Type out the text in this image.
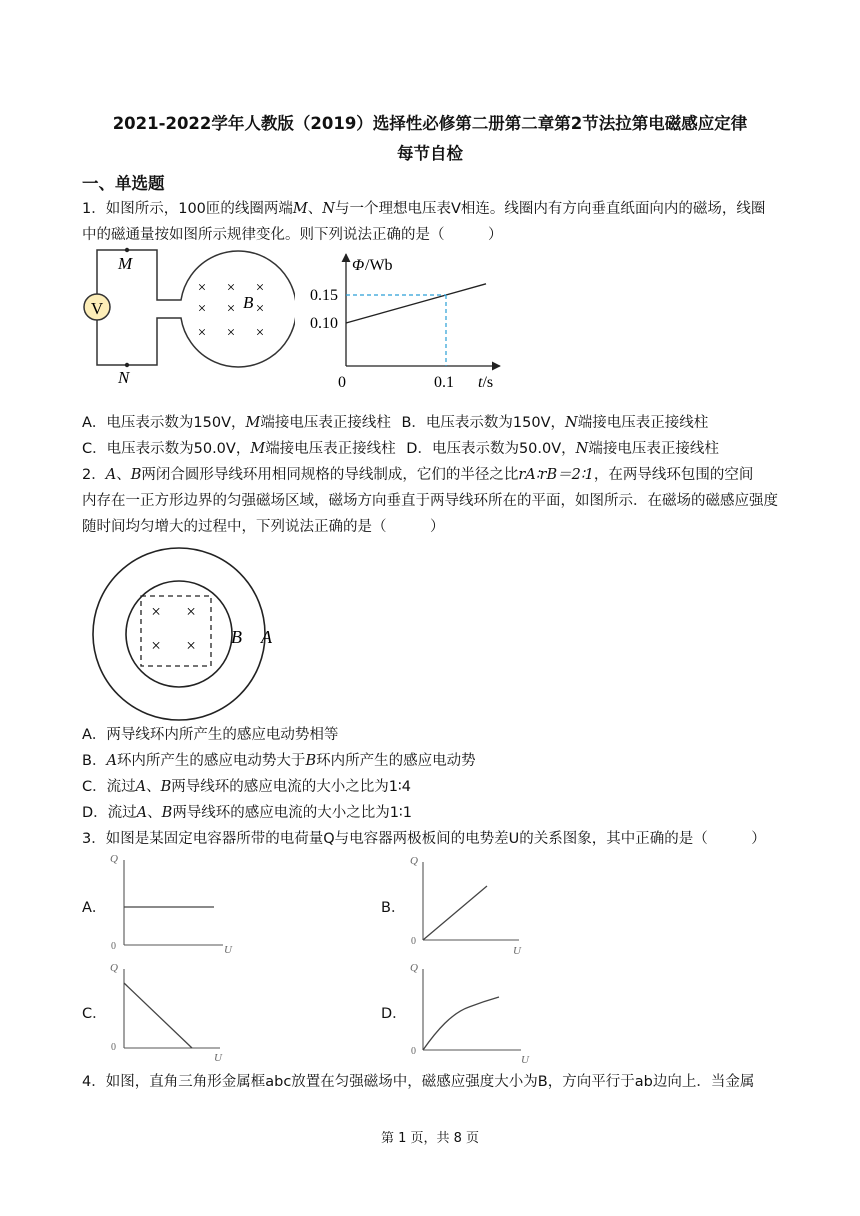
2021-2022学年人教版（2019）选择性必修第二册第二章第2节法拉第电磁感应定律
每节自检
一、单选题
1．如图所示，100匝的线圈两端M、N与一个理想电压表V相连。线圈内有方向垂直纸面向内的磁场，线圈
中的磁通量按如图所示规律变化。则下列说法正确的是（　　　）
V
M
N
× × ×
× × ×
× × ×
B
Φ /Wb
0.15
0.10
0	0.1 t/s
A．电压表示数为150V，M端接电压表正接线柱 B．电压表示数为150V，N端接电压表正接线柱
C．电压表示数为50.0V，M端接电压表正接线柱 D．电压表示数为50.0V，N端接电压表正接线柱
2．A、B两闭合圆形导线环用相同规格的导线制成，它们的半径之比rA∶rB＝2∶1，在两导线环包围的空间
内存在一正方形边界的匀强磁场区域，磁场方向垂直于两导线环所在的平面，如图所示．在磁场的磁感应强度
随时间均匀增大的过程中，下列说法正确的是（　　　）
× ×
× × B A
A．两导线环内所产生的感应电动势相等
B．A环内所产生的感应电动势大于B环内所产生的感应电动势
C．流过A、B两导线环的感应电流的大小之比为1∶4
D．流过A、B两导线环的感应电流的大小之比为1∶1
3．如图是某固定电容器所带的电荷量Q与电容器两极板间的电势差U的关系图象，其中正确的是（　　　）
A．	B．
C．	D．
Q
U
0
Q
U
0
Q
U
0
Q
U
0
4．如图，直角三角形金属框abc放置在匀强磁场中，磁感应强度大小为B，方向平行于ab边向上．当金属
第 1 页，共 8 页
